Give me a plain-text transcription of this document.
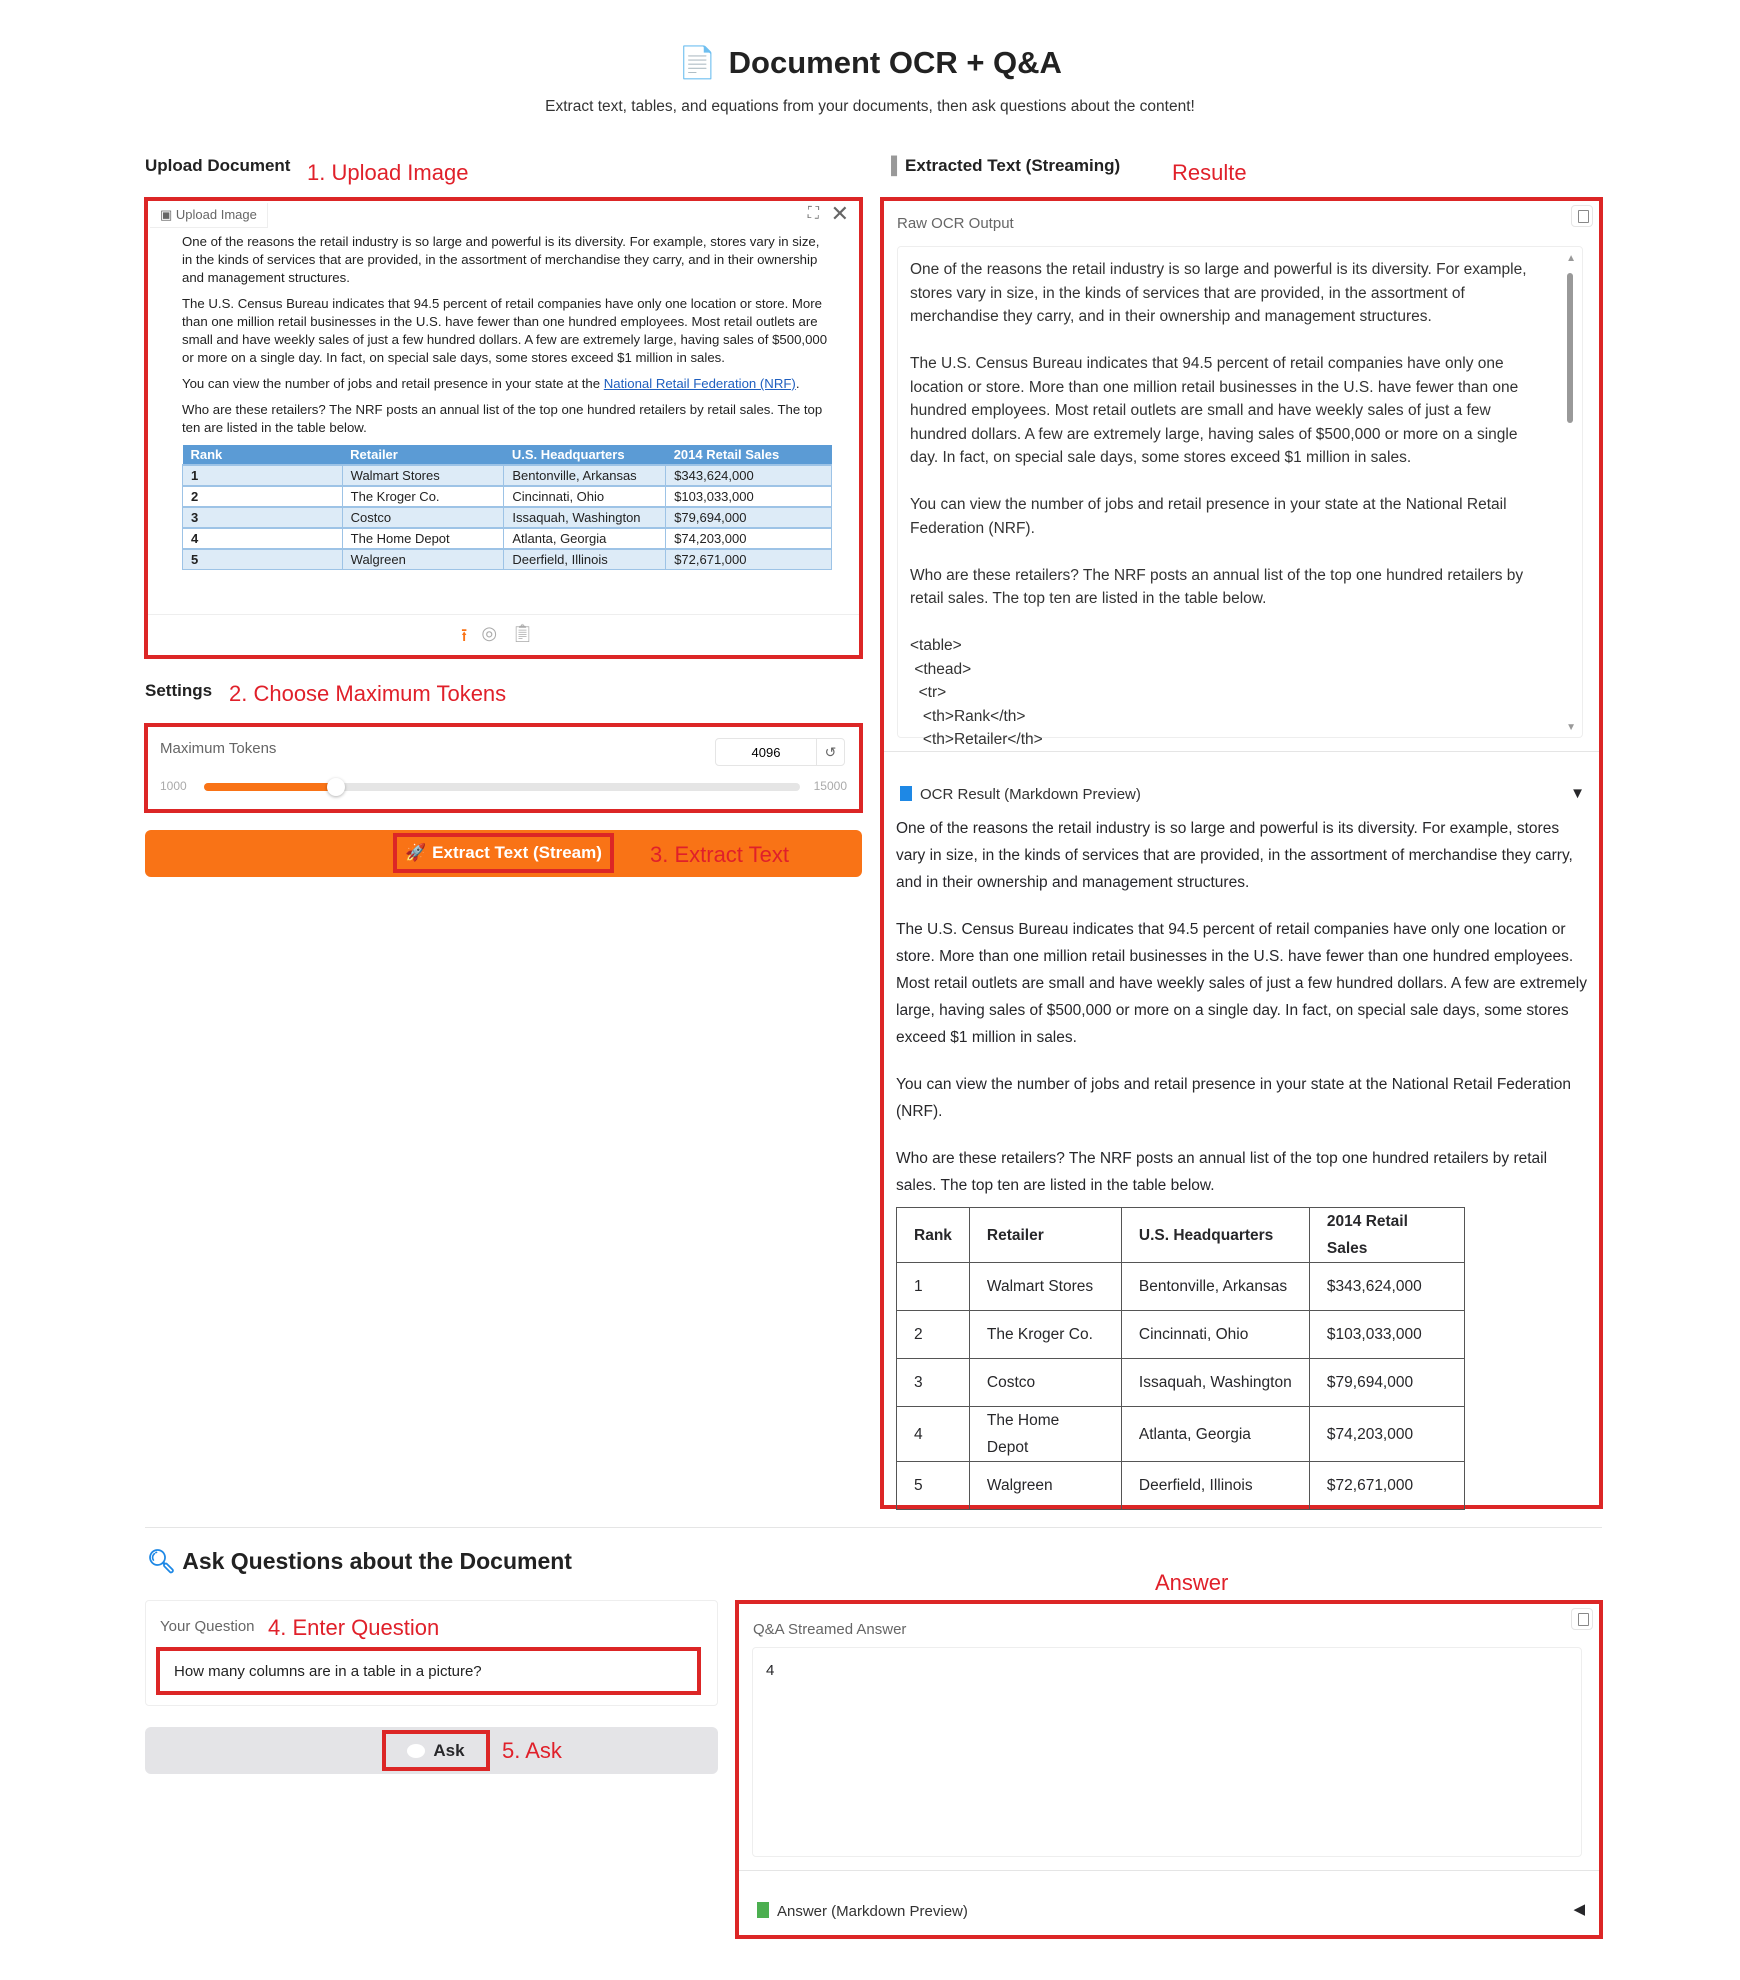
📄 Document OCR + Q&A
Extract text, tables, and equations from your documents, then ask questions about the content!
Upload Document 1. Upload Image
▣ Upload Image	⛶ ✕

One of the reasons the retail industry is so large and powerful is its diversity. For example, stores vary in size, in the kinds of services that are provided, in the assortment of merchandise they carry, and in their ownership and management structures.

The U.S. Census Bureau indicates that 94.5 percent of retail companies have only one location or store. More than one million retail businesses in the U.S. have fewer than one hundred employees. Most retail outlets are small and have weekly sales of just a few hundred dollars. A few are extremely large, having sales of $500,000 or more on a single day. In fact, on special sale days, some stores exceed $1 million in sales.

You can view the number of jobs and retail presence in your state at the National Retail Federation (NRF).

Who are these retailers? The NRF posts an annual list of the top one hundred retailers by retail sales. The top ten are listed in the table below.

Rank	Retailer	U.S. Headquarters	2014 Retail Sales
1	Walmart Stores	Bentonville, Arkansas	$343,624,000
2	The Kroger Co.	Cincinnati, Ohio	$103,033,000
3	Costco	Issaquah, Washington	$79,694,000
4	The Home Depot	Atlanta, Georgia	$74,203,000
5	Walgreen	Deerfield, Illinois	$72,671,000
⭱ ◎ 📋︎
Settings 2. Choose Maximum Tokens
Maximum Tokens
4096	↺
1000	15000
🚀 Extract Text (Stream) 3. Extract Text
▐ Extracted Text (Streaming) Resulte
Raw OCR Output
One of the reasons the retail industry is so large and powerful is its diversity. For example, stores vary in size, in the kinds of services that are provided, in the assortment of merchandise they carry, and in their ownership and management structures.

The U.S. Census Bureau indicates that 94.5 percent of retail companies have only one location or store. More than one million retail businesses in the U.S. have fewer than one hundred employees. Most retail outlets are small and have weekly sales of just a few hundred dollars. A few are extremely large, having sales of $500,000 or more on a single day. In fact, on special sale days, some stores exceed $1 million in sales.

You can view the number of jobs and retail presence in your state at the National Retail Federation (NRF).

Who are these retailers? The NRF posts an annual list of the top one hundred retailers by retail sales. The top ten are listed in the table below.

<table>
<thead>
<tr>
<th>Rank</th>
<th>Retailer</th>
▲
▼
OCR Result (Markdown Preview)	▼

One of the reasons the retail industry is so large and powerful is its diversity. For example, stores vary in size, in the kinds of services that are provided, in the assortment of merchandise they carry, and in their ownership and management structures.

The U.S. Census Bureau indicates that 94.5 percent of retail companies have only one location or store. More than one million retail businesses in the U.S. have fewer than one hundred employees. Most retail outlets are small and have weekly sales of just a few hundred dollars. A few are extremely large, having sales of $500,000 or more on a single day. In fact, on special sale days, some stores exceed $1 million in sales.

You can view the number of jobs and retail presence in your state at the National Retail Federation (NRF).

Who are these retailers? The NRF posts an annual list of the top one hundred retailers by retail sales. The top ten are listed in the table below.

Rank	Retailer	U.S. Headquarters	2014 Retail Sales
1	Walmart Stores	Bentonville, Arkansas	$343,624,000
2	The Kroger Co.	Cincinnati, Ohio	$103,033,000
3	Costco	Issaquah, Washington	$79,694,000
4	The Home Depot	Atlanta, Georgia	$74,203,000
5	Walgreen	Deerfield, Illinois	$72,671,000
🔍︎ Ask Questions about the Document
Answer
Your Question 4. Enter Question
How many columns are in a table in a picture?
Ask 5. Ask
Q&A Streamed Answer
4
Answer (Markdown Preview)	◀
